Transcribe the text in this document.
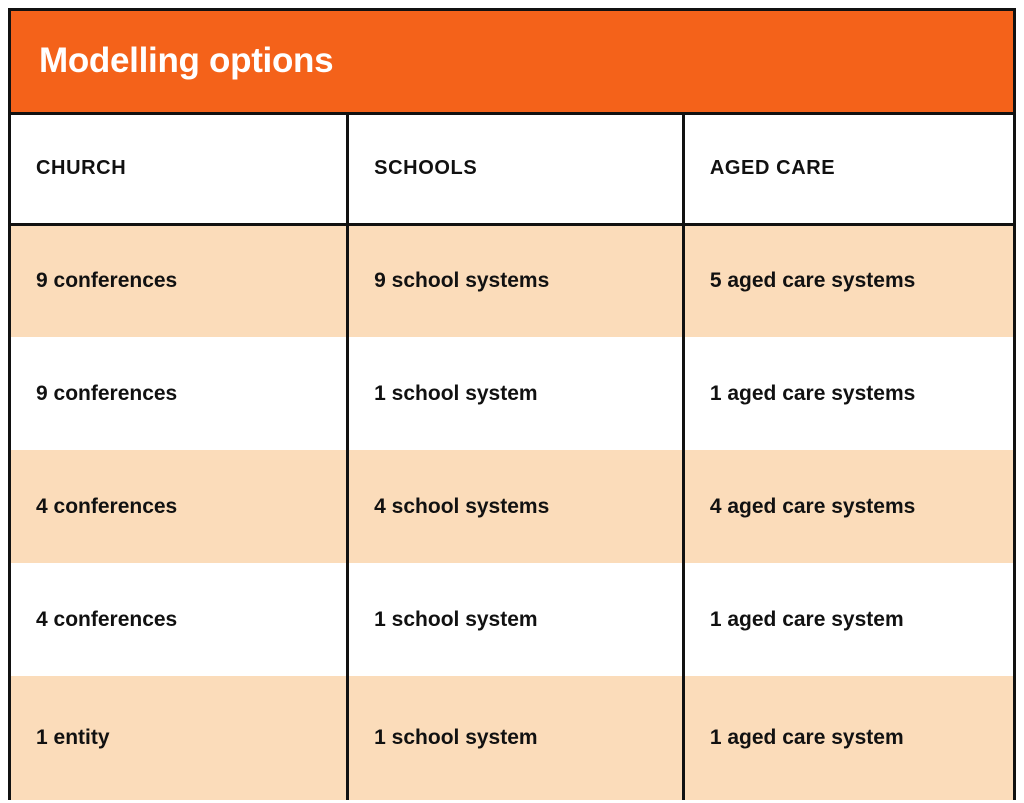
Modelling options
CHURCH	SCHOOLS	AGED CARE
9 conferences	9 school systems	5 aged care systems
9 conferences	1 school system	1 aged care systems
4 conferences	4 school systems	4 aged care systems
4 conferences	1 school system	1 aged care system
1 entity	1 school system	1 aged care system
